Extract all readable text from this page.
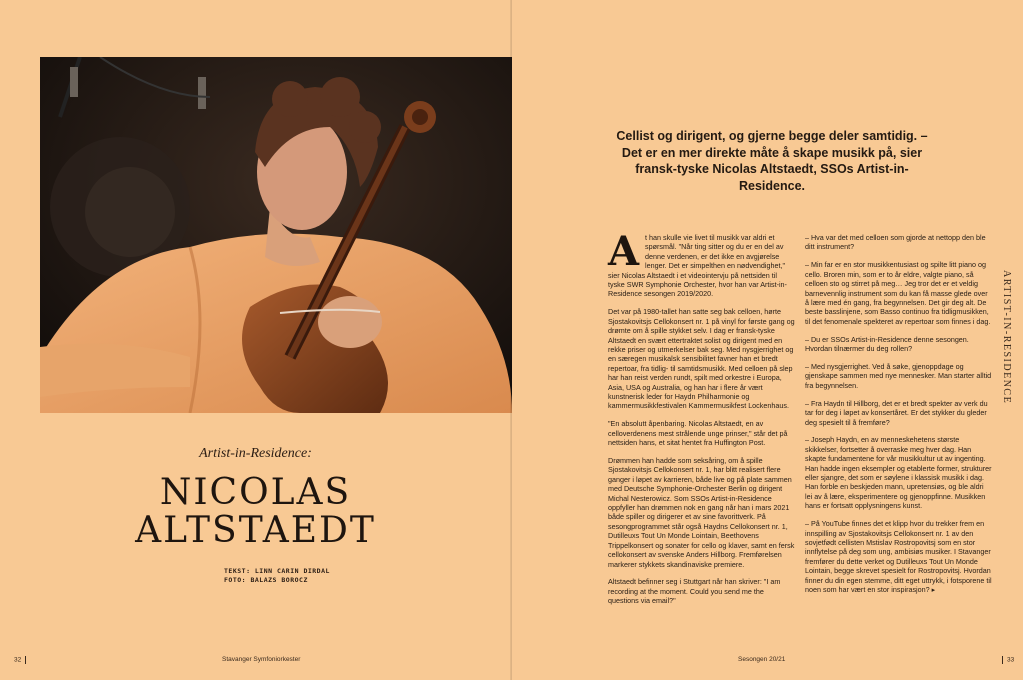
Artist-in-Residence:
NICOLAS
ALTSTAEDT
TEKST: LINN CARIN DIRDAL
FOTO: BALAZS BOROCZ
32	Stavanger Symfoniorkester
Cellist og dirigent, og gjerne begge deler samtidig. – Det er en mer direkte måte å skape musikk på, sier fransk-tyske Nicolas Altstaedt, SSOs Artist-in-Residence.

At han skulle vie livet til musikk var aldri et spørsmål. "Når ting sitter og du er en del av denne verdenen, er det ikke en avgjørelse lenger. Det er simpelthen en nødvendighet," sier Nicolas Altstaedt i et videointervju på nettsiden til tyske SWR Symphonie Orchester, hvor han var Artist-in-Residence sesongen 2019/2020.

Det var på 1980-tallet han satte seg bak celloen, hørte Sjostakovitsjs Cellokonsert nr. 1 på vinyl for første gang og drømte om å spille stykket selv. I dag er fransk-tyske Altstaedt en svært ettertraktet solist og dirigent med en rekke priser og utmerkelser bak seg. Med nysgjerrighet og en særegen musikalsk sensibilitet favner han et bredt repertoar, fra tidlig- til samtidsmusikk. Med celloen på slep har han reist verden rundt, spilt med orkestre i Europa, Asia, USA og Australia, og han har i flere år vært kunstnerisk leder for Haydn Philharmonie og kammermusikkfestivalen Kammermusikfest Lockenhaus.

"En absolutt åpenbaring. Nicolas Altstaedt, en av celloverdenens mest strålende unge prinser," står det på nettsiden hans, et sitat hentet fra Huffington Post.

Drømmen han hadde som seksåring, om å spille Sjostakovitsjs Cellokonsert nr. 1, har blitt realisert flere ganger i løpet av karrieren, både live og på plate sammen med Deutsche Symphonie-Orchester Berlin og dirigent Michal Nesterowicz. Som SSOs Artist-in-Residence oppfyller han drømmen nok en gang når han i mars 2021 både spiller og dirigerer et av sine favorittverk. På sesongprogrammet står også Haydns Cellokonsert nr. 1, Dutilleuxs Tout Un Monde Lointain, Beethovens Trippelkonsert og sonater for cello og klaver, samt en fersk cellokonsert av svenske Anders Hillborg. Fremførelsen markerer stykkets skandinaviske premiere.

Altstaedt befinner seg i Stuttgart når han skriver: "I am recording at the moment. Could you send me the questions via email?"

– Hva var det med celloen som gjorde at nettopp den ble ditt instrument?

– Min far er en stor musikkentusiast og spilte litt piano og cello. Broren min, som er to år eldre, valgte piano, så celloen sto og stirret på meg… Jeg tror det er et veldig barnevennlig instrument som du kan få masse glede over å lære med én gang, fra begynnelsen. Det gir deg alt. De beste basslinjene, som Basso continuo fra tidligmusikken, til det fenomenale spekteret av repertoar som finnes i dag.

– Du er SSOs Artist-in-Residence denne sesongen. Hvordan tilnærmer du deg rollen?

– Med nysgjerrighet. Ved å søke, gjenoppdage og gjenskape sammen med nye mennesker. Man starter alltid fra begynnelsen.

– Fra Haydn til Hillborg, det er et bredt spekter av verk du tar for deg i løpet av konsertåret. Er det stykker du gleder deg spesielt til å fremføre?

– Joseph Haydn, en av menneskehetens største skikkelser, fortsetter å overraske meg hver dag. Han skapte fundamentene for vår musikkultur ut av ingenting. Han hadde ingen eksempler og etablerte former, strukturer eller sjangre, det som er søylene i klassisk musikk i dag. Han forble en beskjeden mann, upretensiøs, og ble aldri lei av å lære, eksperimentere og gjenoppfinne. Musikken hans er fortsatt opplysningens kunst.

– På YouTube finnes det et klipp hvor du trekker frem en innspilling av Sjostakovitsjs Cellokonsert nr. 1 av den sovjetfødt cellisten Mstislav Rostropovitsj som en stor innflytelse på deg som ung, ambisiøs musiker. I Stavanger fremfører du dette verket og Dutilleuxs Tout Un Monde Lointain, begge skrevet spesielt for Rostropovitsj. Hvordan finner du din egen stemme, ditt eget uttrykk, i fotsporene til noen som har vært en stor inspirasjon? ▸

ARTIST-IN-RESIDENCE
Sesongen 20/21	33
